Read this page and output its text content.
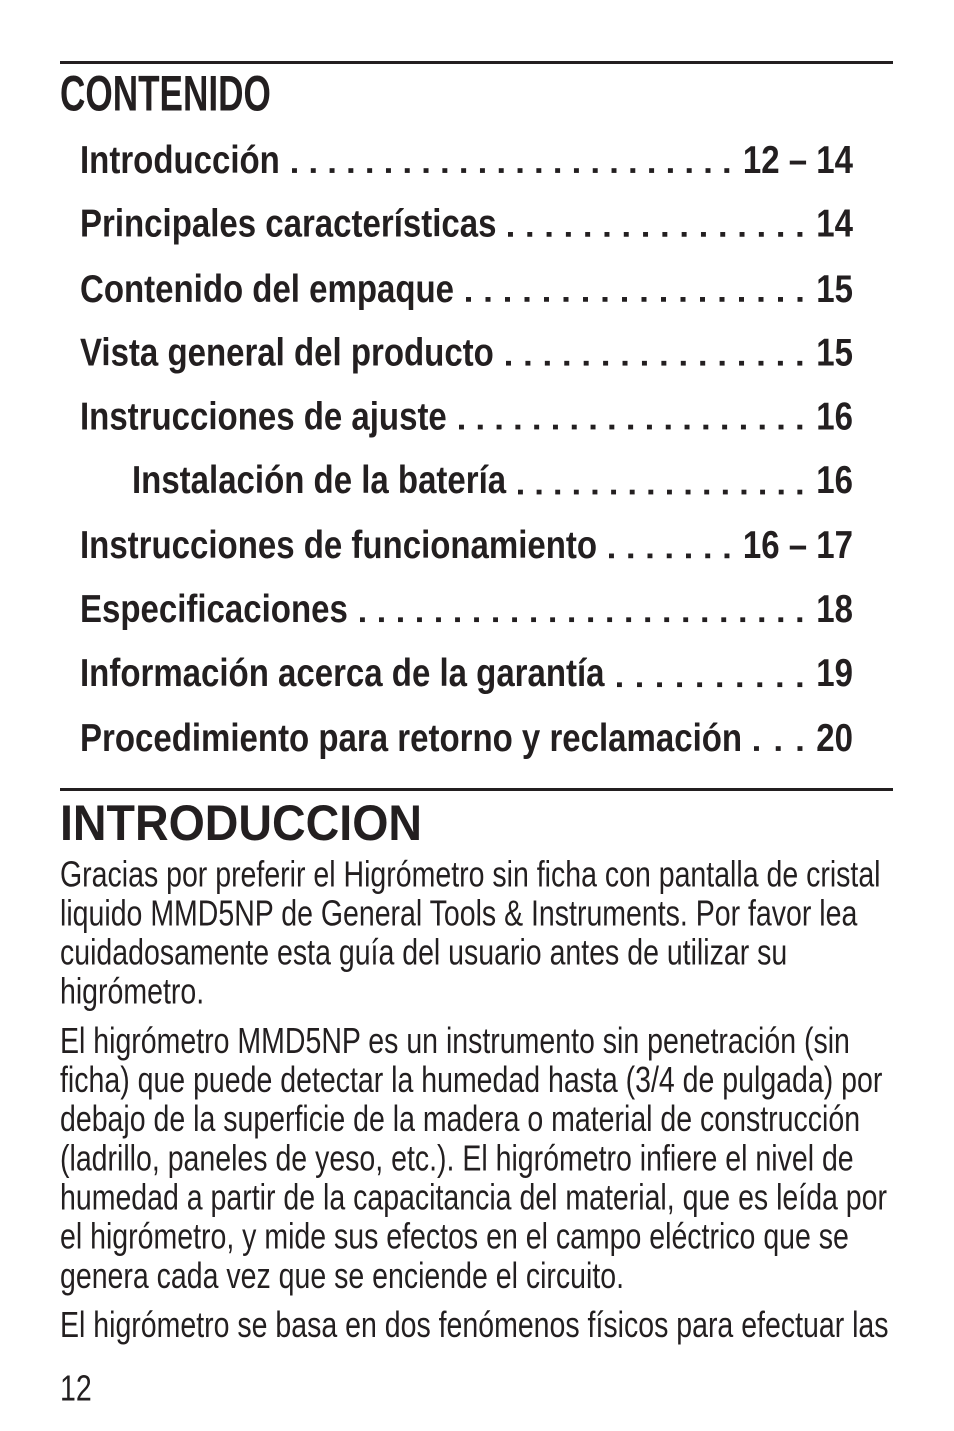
CONTENIDO
Introducción	12 – 14
Principales características	14
Contenido del empaque	15
Vista general del producto	15
Instrucciones de ajuste	16
Instalación de la batería	16
Instrucciones de funcionamiento	16 – 17
Especificaciones	18
Información acerca de la garantía	19
Procedimiento para retorno y reclamación 20
INTRODUCCION

Gracias por preferir el Higrómetro sin ficha con pantalla de cristal
liquido MMD5NP de General Tools & Instruments. Por favor lea
cuidadosamente esta guía del usuario antes de utilizar su
higrómetro.

El higrómetro MMD5NP es un instrumento sin penetración (sin
ficha) que puede detectar la humedad hasta (3/4 de pulgada) por
debajo de la superficie de la madera o material de construcción
(ladrillo, paneles de yeso, etc.). El higrómetro infiere el nivel de
humedad a partir de la capacitancia del material, que es leída por
el higrómetro, y mide sus efectos en el campo eléctrico que se
genera cada vez que se enciende el circuito.

El higrómetro se basa en dos fenómenos físicos para efectuar las

12
